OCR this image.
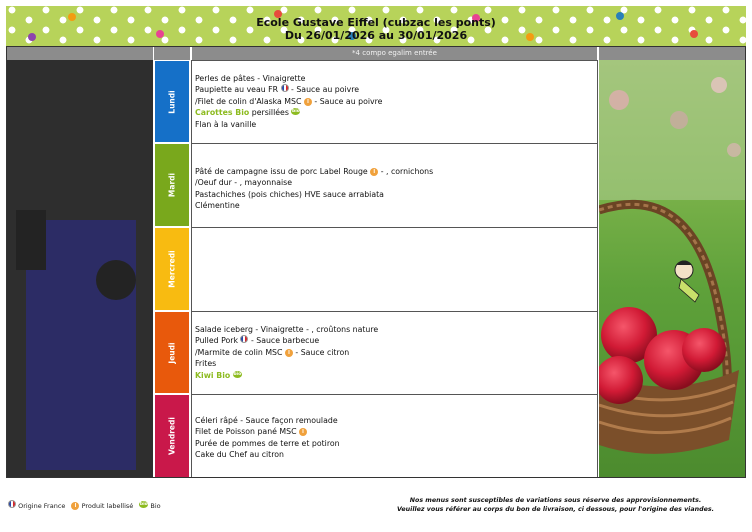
Ecole Gustave Eiffel (cubzac les ponts)
Du 26/01/2026 au 30/01/2026
*4 compo egalim entrée
Lundi
Mardi
Mercredi
Jeudi
Vendredi
Perles de pâtes - Vinaigrette
Paupiette au veau FR  - Sauce au poivre
/Filet de colin d'Alaska MSC l - Sauce au poivre
Carottes Bio persillées bio
Flan à la vanille
Pâté de campagne issu de porc Label Rouge l - , cornichons
/Oeuf dur - , mayonnaise
Pastachiches (pois chiches) HVE sauce arrabiata
Clémentine
Salade iceberg - Vinaigrette - , croûtons nature
Pulled Pork  - Sauce barbecue
/Marmite de colin MSC l - Sauce citron
Frites
Kiwi Bio bio
Céleri râpé - Sauce façon remoulade
Filet de Poisson pané MSC l
Purée de pommes de terre et potiron
Cake du Chef au citron
Origine France l Produit labellisé bio Bio
Nos menus sont susceptibles de variations sous réserve des approvisionnements.
Veuillez vous référer au corps du bon de livraison, ci dessous, pour l'origine des viandes.
